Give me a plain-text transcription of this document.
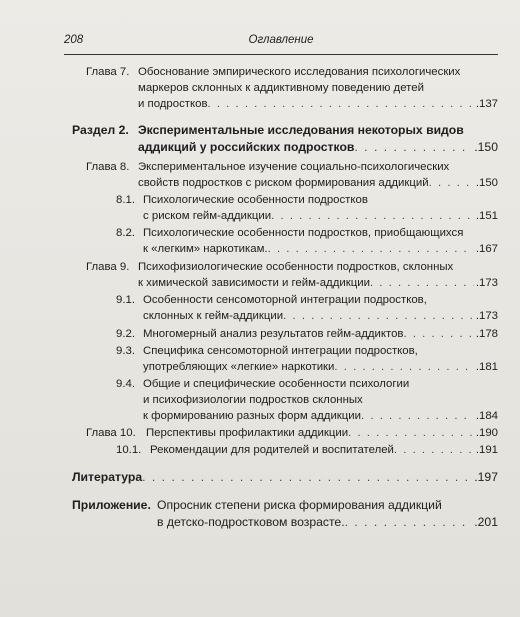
208	Оглавление
Глава 7. Обоснование эмпирического исследования психологических
маркеров склонных к аддиктивному поведению детей
и подростков . . .	.137
Раздел 2. Экспериментальные исследования некоторых видов
аддикций у российских подростков . . .	.150
Глава 8. Экспериментальное изучение социально-психологических
свойств подростков с риском формирования аддикций . . .	.150
8.1. Психологические особенности подростков
с риском гейм-аддикции . . .	.151
8.2. Психологические особенности подростков, приобщающихся
к «легким» наркотикам. . . .	.167
Глава 9. Психофизиологические особенности подростков, склонных
к химической зависимости и гейм-аддикции . . .	.173
9.1. Особенности сенсомоторной интеграции подростков,
склонных к гейм-аддикции . . .	.173
9.2. Многомерный анализ результатов гейм-аддиктов . . .	.178
9.3. Специфика сенсомоторной интеграции подростков,
употребляющих «легкие» наркотики . . .	.181
9.4. Общие и специфические особенности психологии
и психофизиологии подростков склонных
к формированию разных форм аддикции . . .	.184
Глава 10. Перспективы профилактики аддикции . . .	.190
10.1. Рекомендации для родителей и воспитателей . . .	.191
Литература . . .	.197
Приложение. Опросник степени риска формирования аддикций
в детско-подростковом возрасте. . . .	.201
